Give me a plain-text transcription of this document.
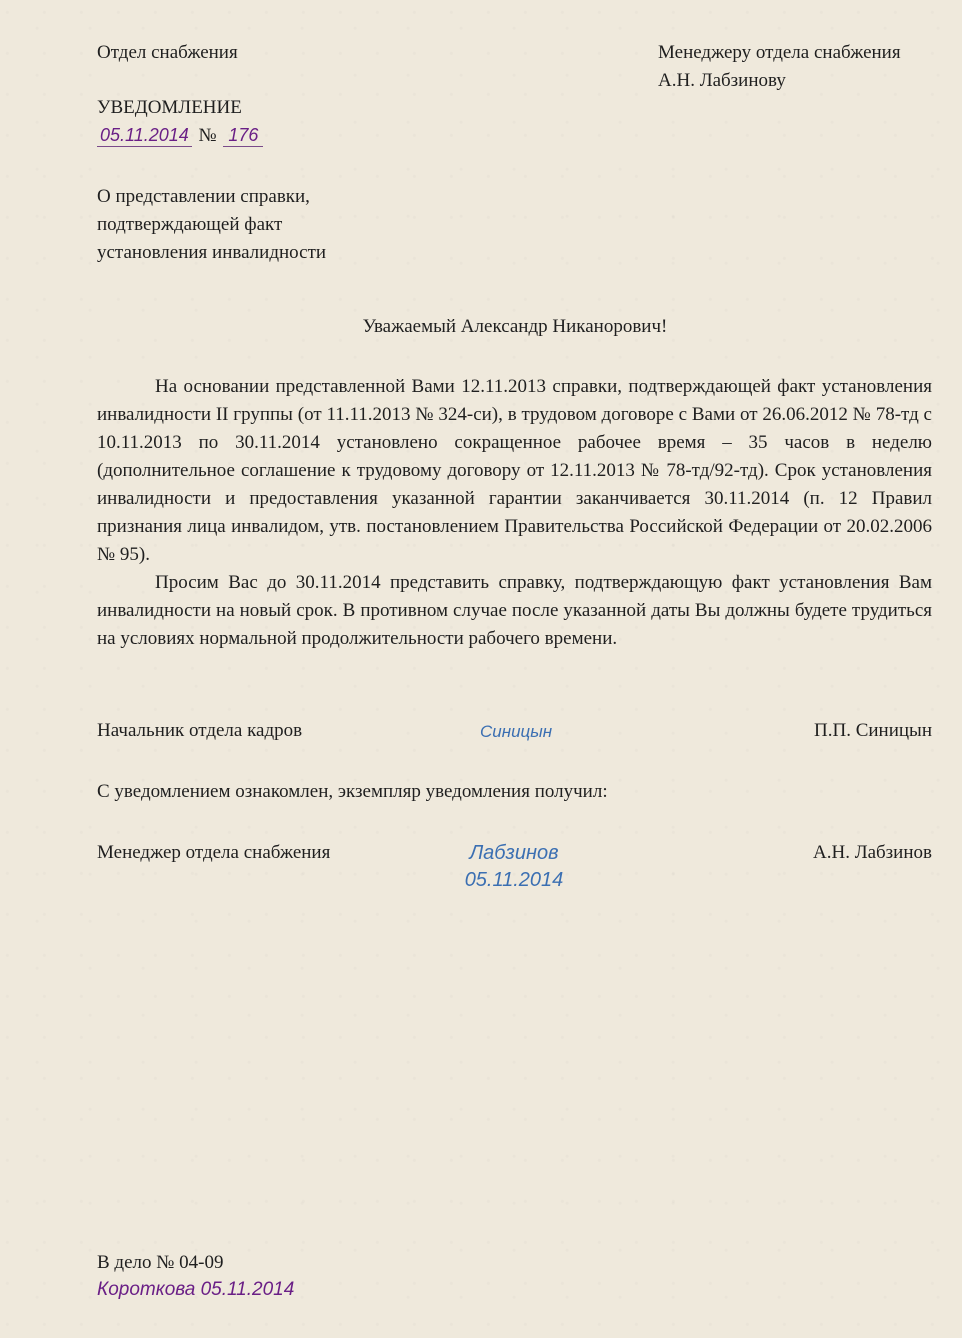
Отдел снабжения	Менеджеру отдела снабжения

А.Н. Лабзинову

УВЕДОМЛЕНИЕ

05.11.2014 № 176

О представлении справки,

подтверждающей факт

установления инвалидности

Уважаемый Александр Никанорович!

На основании представленной Вами 12.11.2013 справки, подтверждающей факт установления инвалидности II группы (от 11.11.2013 № 324-си), в трудовом договоре с Вами от 26.06.2012 № 78-тд с 10.11.2013 по 30.11.2014 установлено сокращенное рабочее время – 35 часов в неделю (дополнительное соглашение к трудовому договору от 12.11.2013 № 78-тд/92-тд). Срок установления инвалидности и предоставления указанной гарантии заканчивается 30.11.2014 (п. 12 Правил признания лица инвалидом, утв. постановлением Правительства Российской Федерации от 20.02.2006 № 95).

Просим Вас до 30.11.2014 представить справку, подтверждающую факт установления Вам инвалидности на новый срок. В противном случае после указанной даты Вы должны будете трудиться на условиях нормальной продолжительности рабочего времени.

Начальник отдела кадров	Синицын	П.П. Синицын

С уведомлением ознакомлен, экземпляр уведомления получил:

Менеджер отдела снабжения	Лабзинов

05.11.2014

А.Н. Лабзинов

В дело № 04-09

Короткова 05.11.2014
